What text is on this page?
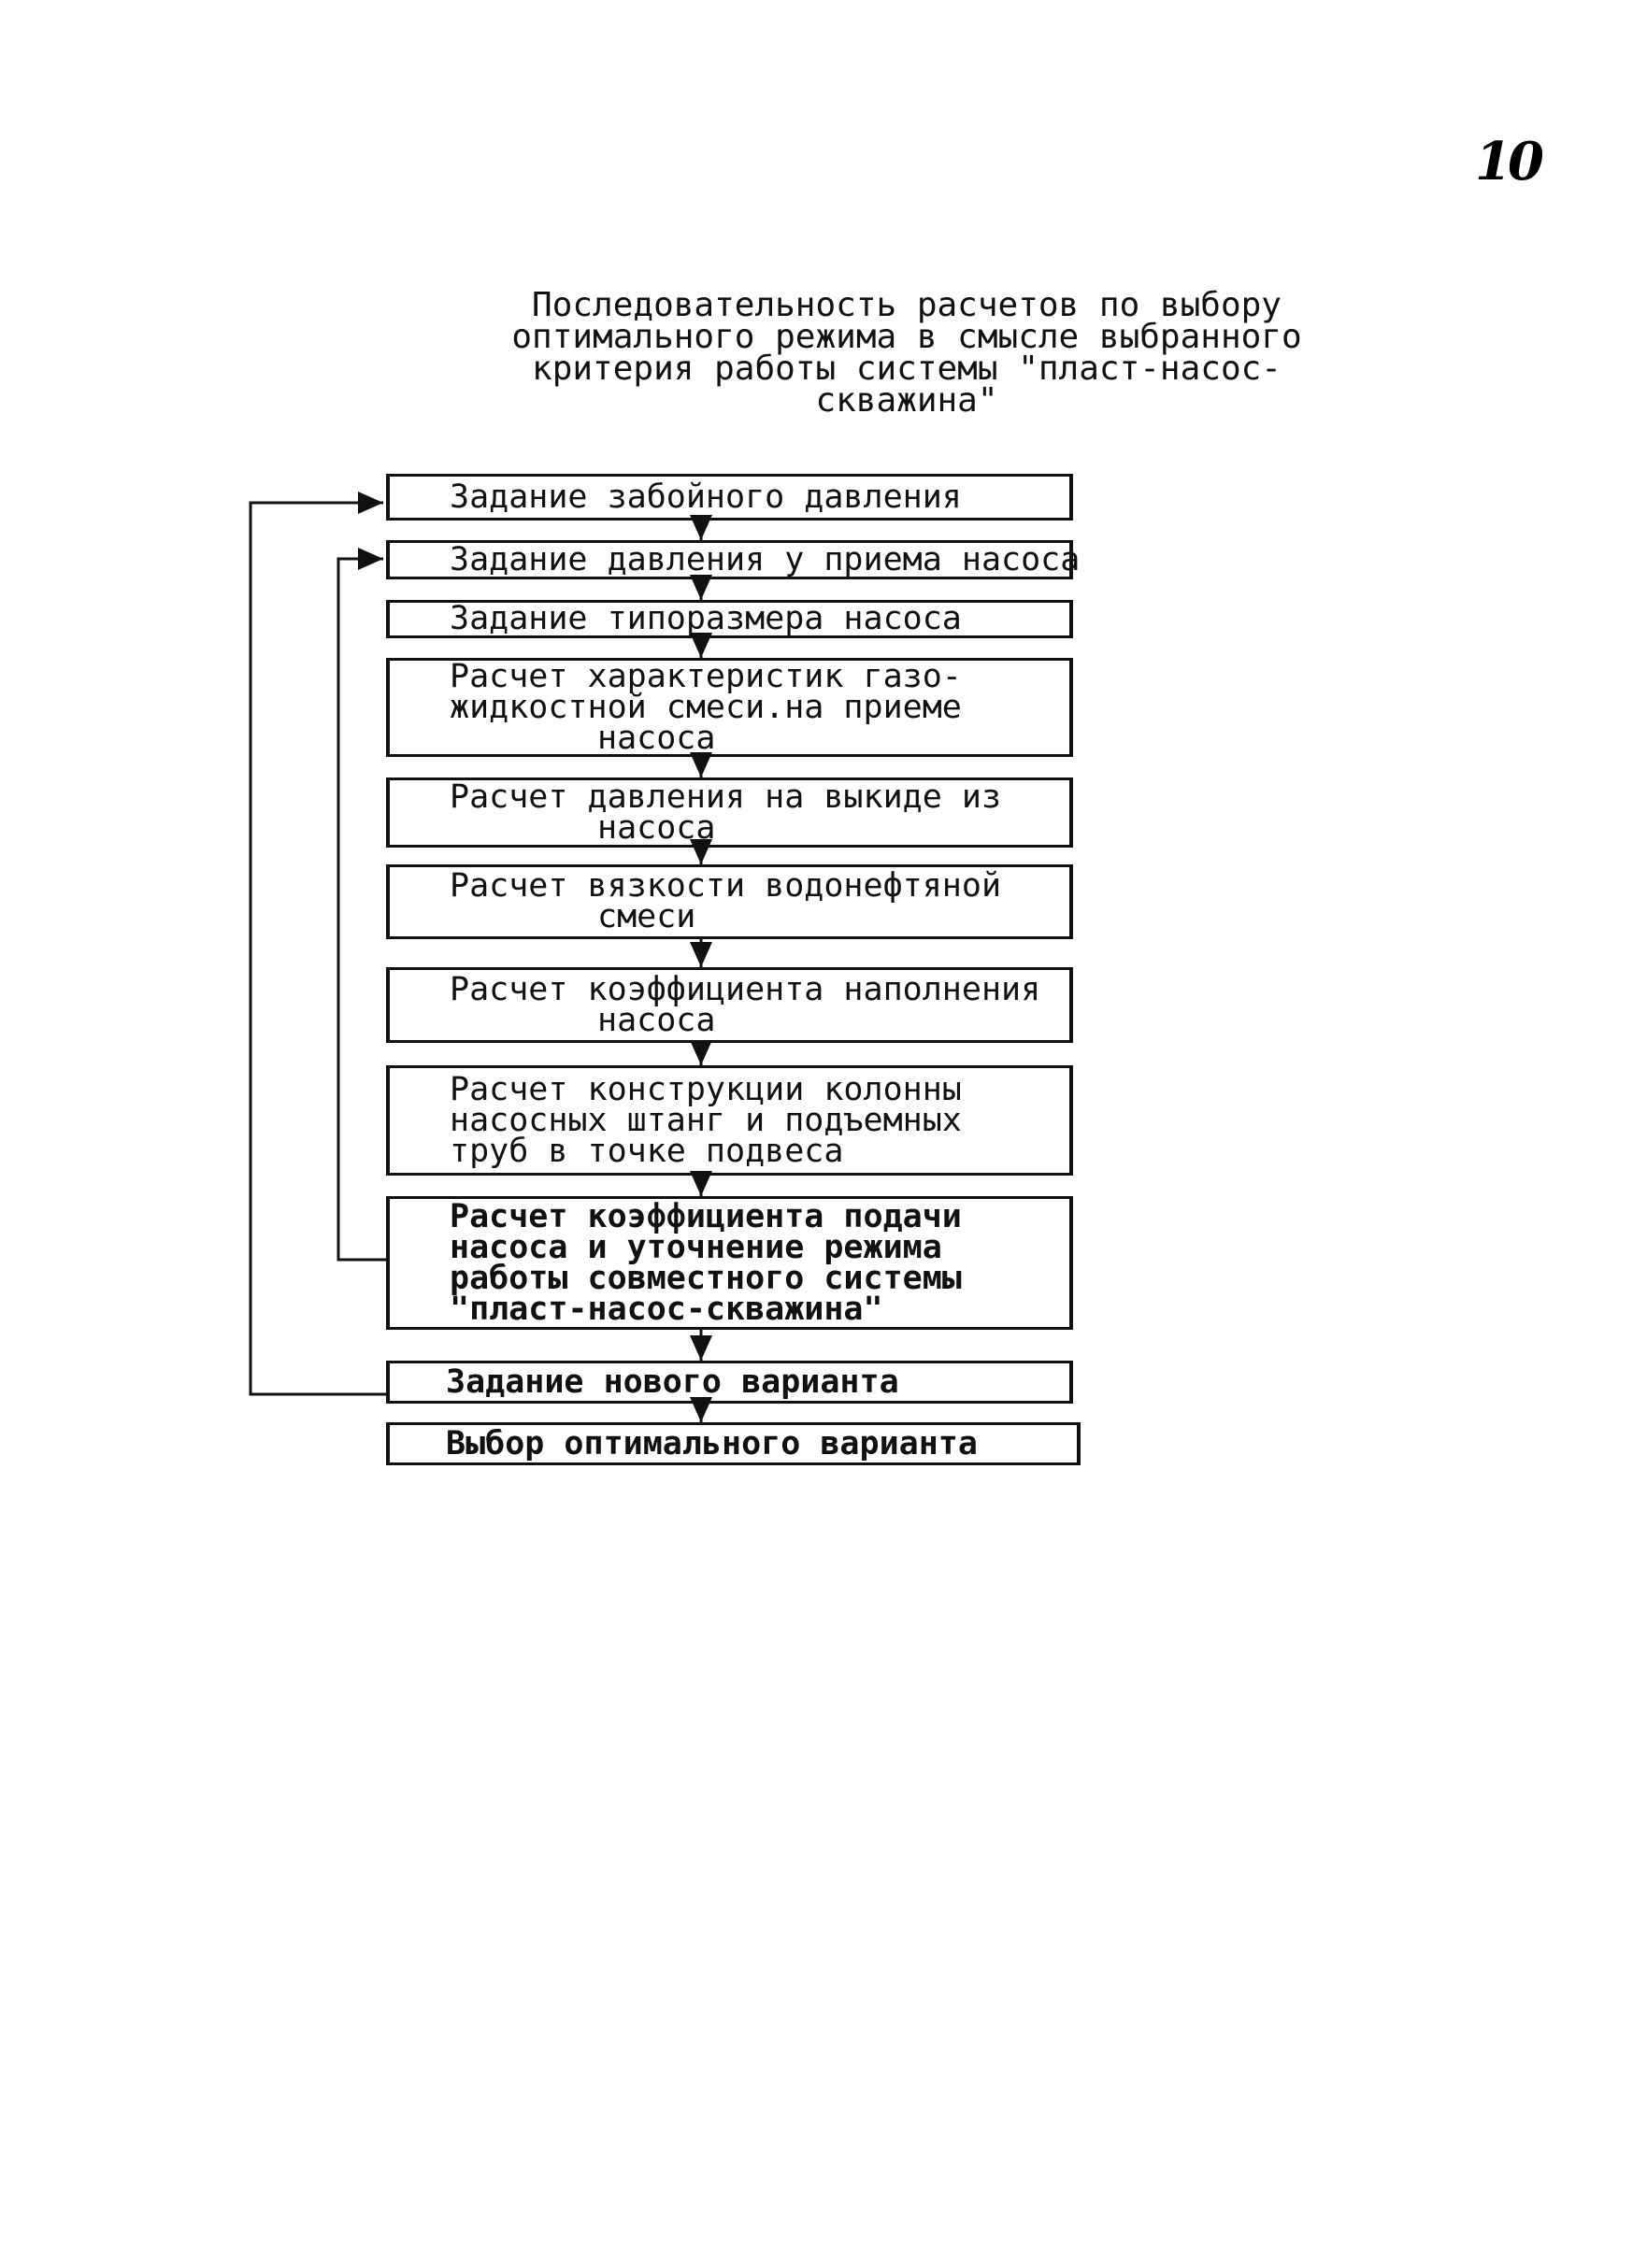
10
Последовательность расчетов по выбору
оптимального режима в смысле выбранного
критерия работы системы "пласт-насос-
скважина"
Задание забойного давления
Задание давления у приема насоса
Задание типоразмера насоса
Расчет характеристик газо-
жидкостной смеси.на приеме
насоса
Расчет давления на выкиде из
насоса
Расчет вязкости водонефтяной
смеси
Расчет коэффициента наполнения
насоса
Расчет конструкции колонны
насосных штанг и подъемных
труб в точке подвеса
Расчет коэффициента подачи
насоса и уточнение режима
работы совместного системы
"пласт-насос-скважина"
Задание нового варианта
Выбор оптимального варианта
